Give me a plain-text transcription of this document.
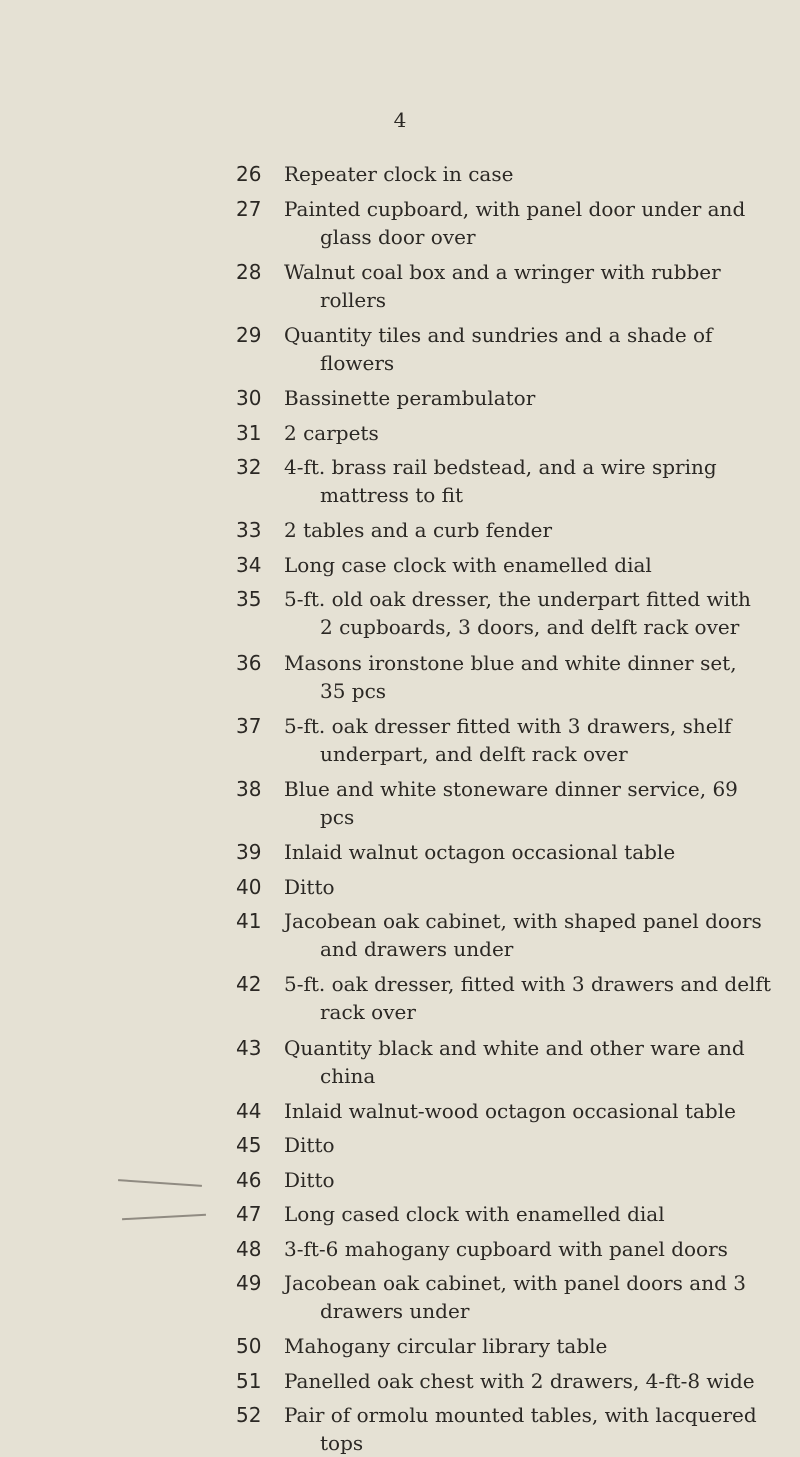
4
26 Repeater clock in case
27 Painted cupboard, with panel door under and
glass door over
28 Walnut coal box and a wringer with rubber
rollers
29 Quantity tiles and sundries and a shade of
flowers
30 Bassinette perambulator
31 2 carpets
32 4-ft. brass rail bedstead, and a wire spring
mattress to fit
33 2 tables and a curb fender
34 Long case clock with enamelled dial
35 5-ft. old oak dresser, the underpart fitted with
2 cupboards, 3 doors, and delft rack over
36 Masons ironstone blue and white dinner set,
35 pcs
37 5-ft. oak dresser fitted with 3 drawers, shelf
underpart, and delft rack over
38 Blue and white stoneware dinner service, 69
pcs
39 Inlaid walnut octagon occasional table
40 Ditto
41 Jacobean oak cabinet, with shaped panel doors
and drawers under
42 5-ft. oak dresser, fitted with 3 drawers and delft
rack over
43 Quantity black and white and other ware and
china
44 Inlaid walnut-wood octagon occasional table
45 Ditto
46 Ditto
47 Long cased clock with enamelled dial
48 3-ft-6 mahogany cupboard with panel doors
49 Jacobean oak cabinet, with panel doors and 3
drawers under
50 Mahogany circular library table
51 Panelled oak chest with 2 drawers, 4-ft-8 wide
52 Pair of ormolu mounted tables, with lacquered
tops
